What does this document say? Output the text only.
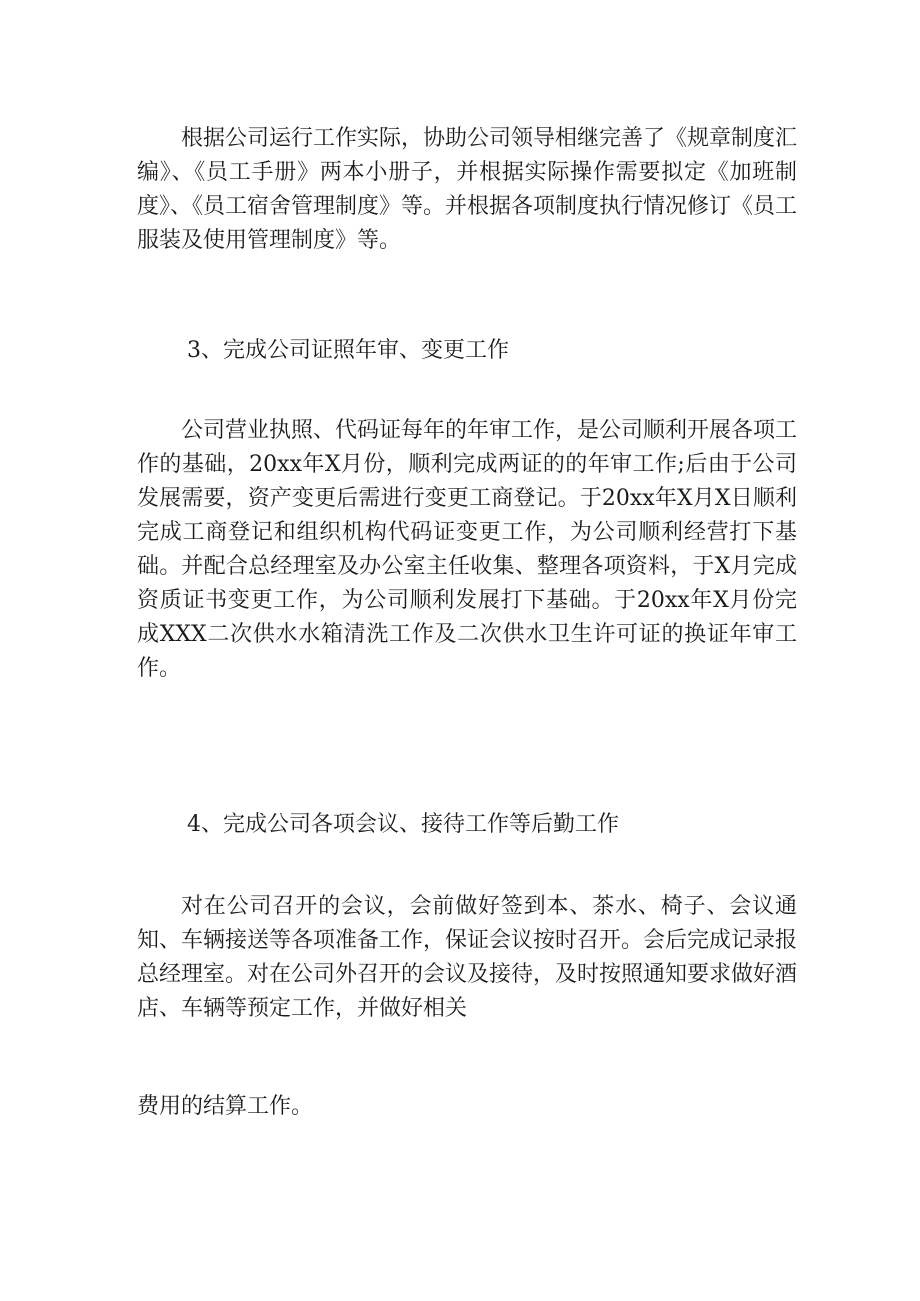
根据公司运行工作实际，协助公司领导相继完善了《规章制度汇编》、《员工手册》两本小册子，并根据实际操作需要拟定《加班制度》、《员工宿舍管理制度》等。并根据各项制度执行情况修订《员工服装及使用管理制度》等。

3、完成公司证照年审、变更工作

公司营业执照、代码证每年的年审工作，是公司顺利开展各项工作的基础，20xx年X月份，顺利完成两证的的年审工作;后由于公司发展需要，资产变更后需进行变更工商登记。于20xx年X月X日顺利完成工商登记和组织机构代码证变更工作，为公司顺利经营打下基础。并配合总经理室及办公室主任收集、整理各项资料，于X月完成资质证书变更工作，为公司顺利发展打下基础。于20xx年X月份完成XXX二次供水水箱清洗工作及二次供水卫生许可证的换证年审工作。

4、完成公司各项会议、接待工作等后勤工作

对在公司召开的会议，会前做好签到本、茶水、椅子、会议通知、车辆接送等各项准备工作，保证会议按时召开。会后完成记录报总经理室。对在公司外召开的会议及接待，及时按照通知要求做好酒店、车辆等预定工作，并做好相关

费用的结算工作。
